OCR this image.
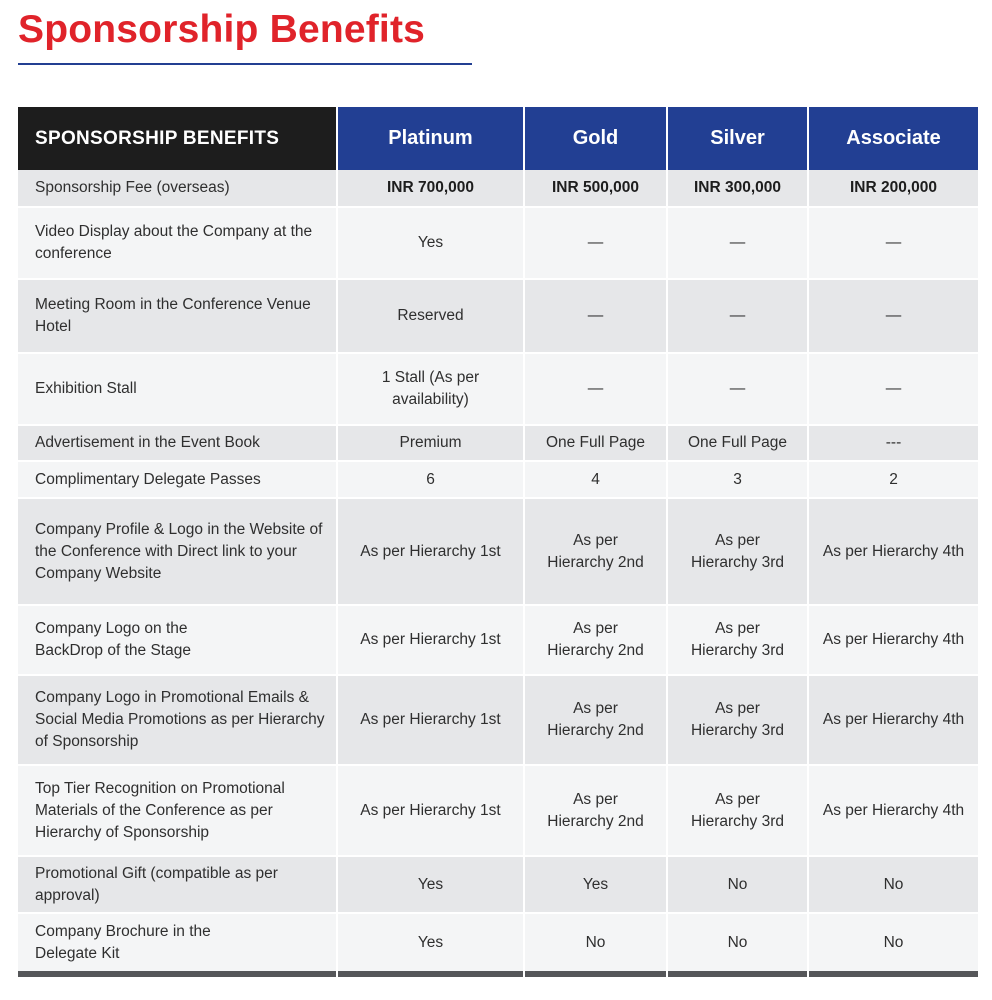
Sponsorship Benefits
SPONSORSHIP BENEFITS	Platinum	Gold	Silver	Associate
Sponsorship Fee (overseas)	INR 700,000	INR 500,000	INR 300,000	INR 200,000
Video Display about the Company at the conference	Yes	—	—	—
Meeting Room in the Conference Venue Hotel	Reserved	—	—	—
Exhibition Stall	1 Stall (As per availability)	—	—	—
Advertisement in the Event Book	Premium	One Full Page	One Full Page	---
Complimentary Delegate Passes	6	4	3	2
Company Profile & Logo in the Website of the Conference with Direct link to your Company Website	As per Hierarchy 1st	As per Hierarchy 2nd	As per Hierarchy 3rd	As per Hierarchy 4th
Company Logo on the BackDrop of the Stage	As per Hierarchy 1st	As per Hierarchy 2nd	As per Hierarchy 3rd	As per Hierarchy 4th
Company Logo in Promotional Emails & Social Media Promotions as per Hierarchy of Sponsorship	As per Hierarchy 1st	As per Hierarchy 2nd	As per Hierarchy 3rd	As per Hierarchy 4th
Top Tier Recognition on Promotional Materials of the Conference as per Hierarchy of Sponsorship	As per Hierarchy 1st	As per Hierarchy 2nd	As per Hierarchy 3rd	As per Hierarchy 4th
Promotional Gift (compatible as per approval)	Yes	Yes	No	No
Company Brochure in the Delegate Kit	Yes	No	No	No
